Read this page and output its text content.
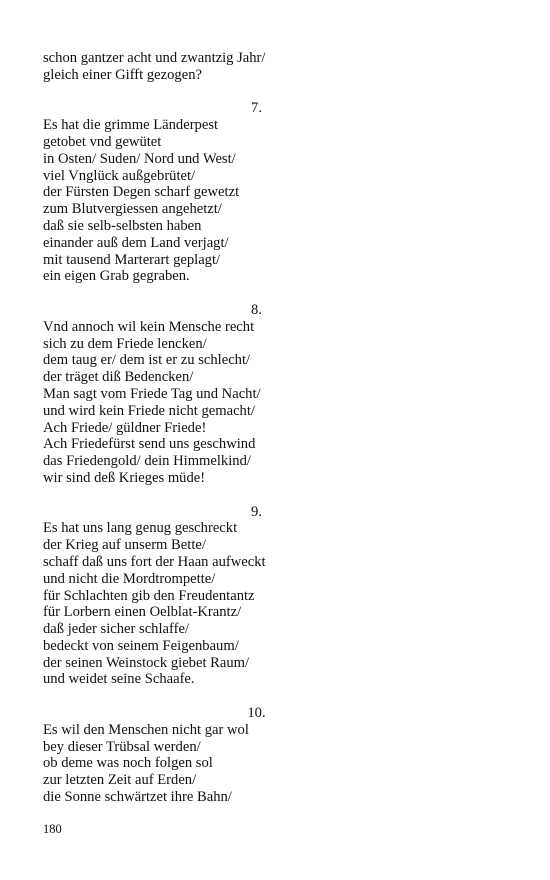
schon gantzer acht und zwantzig Jahr/
gleich einer Gifft gezogen?
7.
Es hat die grimme Länderpest
getobet vnd gewütet
in Osten/ Suden/ Nord und West/
viel Vnglück außgebrütet/
der Fürsten Degen scharf gewetzt
zum Blutvergiessen angehetzt/
daß sie selb-selbsten haben
einander auß dem Land verjagt/
mit tausend Marterart geplagt/
ein eigen Grab gegraben.
8.
Vnd annoch wil kein Mensche recht
sich zu dem Friede lencken/
dem taug er/ dem ist er zu schlecht/
der träget diß Bedencken/
Man sagt vom Friede Tag und Nacht/
und wird kein Friede nicht gemacht/
Ach Friede/ güldner Friede!
Ach Friedefürst send uns geschwind
das Friedengold/ dein Himmelkind/
wir sind deß Krieges müde!
9.
Es hat uns lang genug geschreckt
der Krieg auf unserm Bette/
schaff daß uns fort der Haan aufweckt
und nicht die Mordtrompette/
für Schlachten gib den Freudentantz
für Lorbern einen Oelblat-Krantz/
daß jeder sicher schlaffe/
bedeckt von seinem Feigenbaum/
der seinen Weinstock giebet Raum/
und weidet seine Schaafe.
10.
Es wil den Menschen nicht gar wol
bey dieser Trübsal werden/
ob deme was noch folgen sol
zur letzten Zeit auf Erden/
die Sonne schwärtzet ihre Bahn/
180
